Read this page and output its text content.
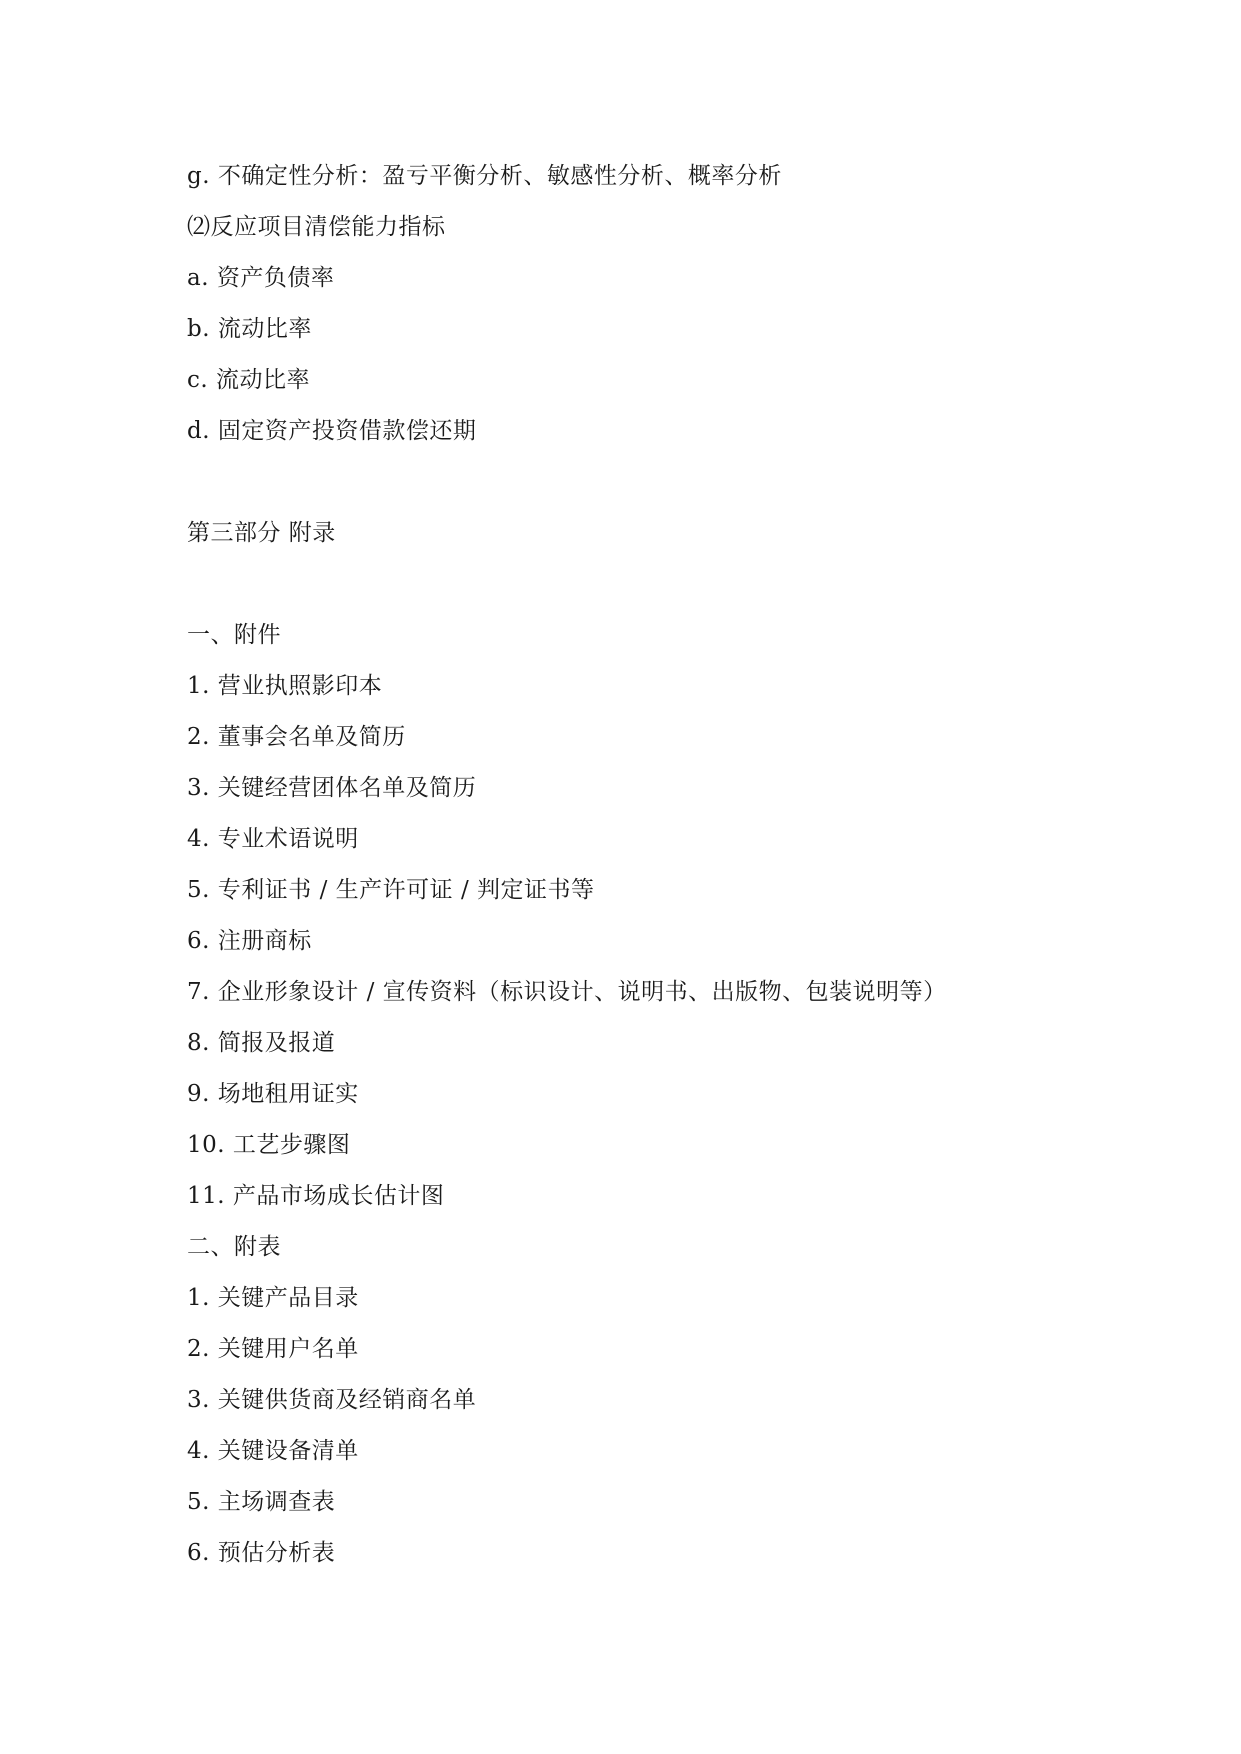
g. 不确定性分析：盈亏平衡分析、敏感性分析、概率分析
⑵反应项目清偿能力指标
a. 资产负债率
b. 流动比率
c. 流动比率
d. 固定资产投资借款偿还期
第三部分 附录
一、附件
1. 营业执照影印本
2. 董事会名单及简历
3. 关键经营团体名单及简历
4. 专业术语说明
5. 专利证书 / 生产许可证 / 判定证书等
6. 注册商标
7. 企业形象设计 / 宣传资料（标识设计、说明书、出版物、包装说明等）
8. 简报及报道
9. 场地租用证实
10. 工艺步骤图
11. 产品市场成长估计图
二、附表
1. 关键产品目录
2. 关键用户名单
3. 关键供货商及经销商名单
4. 关键设备清单
5. 主场调查表
6. 预估分析表
